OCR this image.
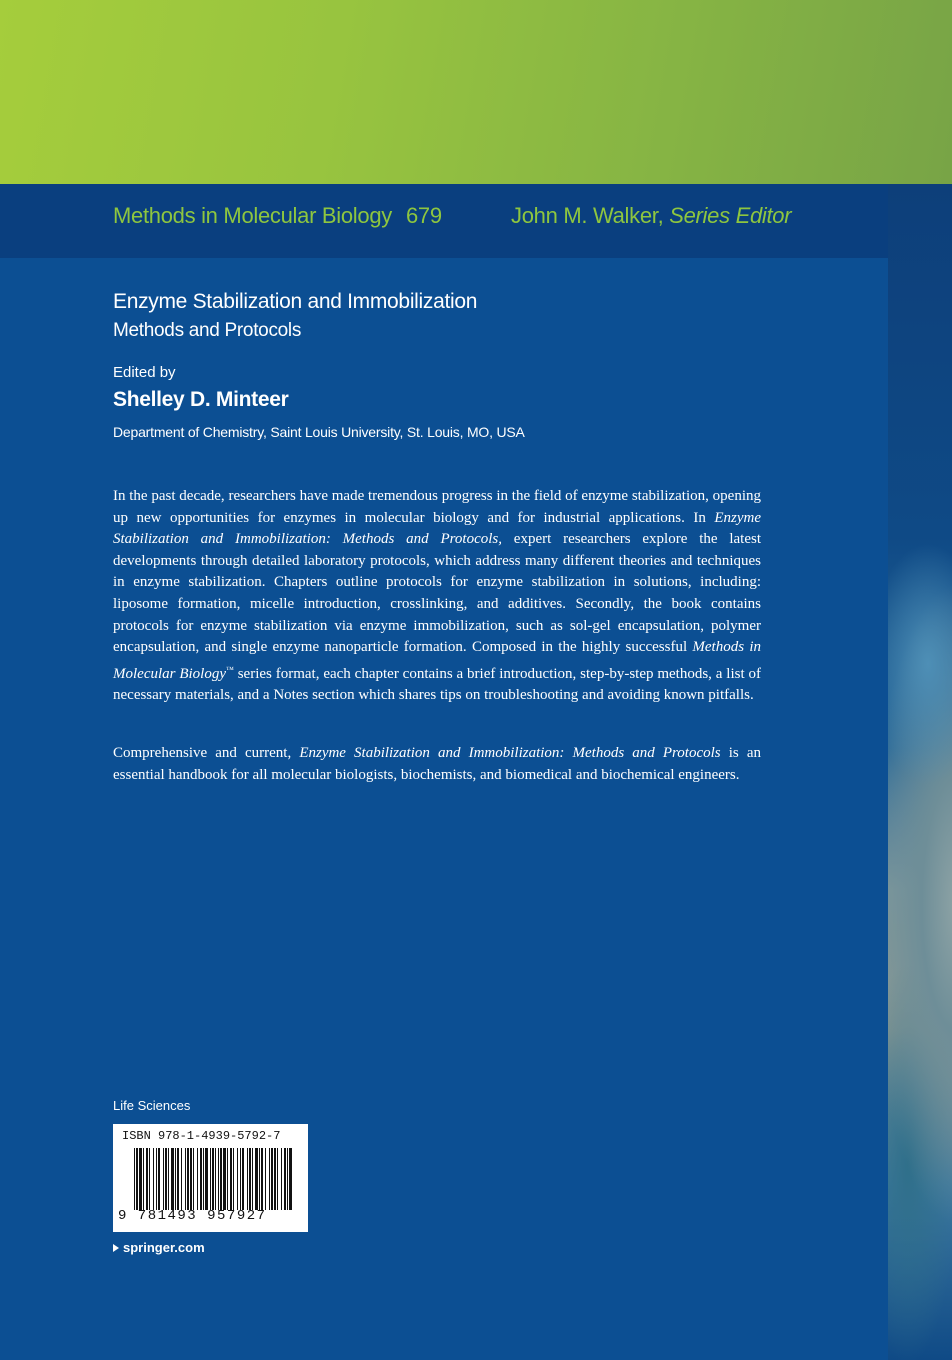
Methods in Molecular Biology 679	John M. Walker, Series Editor
Enzyme Stabilization and Immobilization
Methods and Protocols
Edited by
Shelley D. Minteer
Department of Chemistry, Saint Louis University, St. Louis, MO, USA

In the past decade, researchers have made tremendous progress in the field of enzyme stabilization, opening up new opportunities for enzymes in molecular biology and for industrial applications. In Enzyme Stabilization and Immobilization: Methods and Protocols, expert researchers explore the latest developments through detailed laboratory protocols, which address many different theories and techniques in enzyme stabilization. Chapters outline protocols for enzyme stabilization in solutions, including: liposome formation, micelle introduction, crosslinking, and additives. Secondly, the book contains protocols for enzyme stabilization via enzyme immobilization, such as sol-gel encapsulation, polymer encapsulation, and single enzyme nanoparticle formation. Composed in the highly successful Methods in Molecular Biology™ series format, each chapter contains a brief introduction, step-by-step methods, a list of necessary materials, and a Notes section which shares tips on troubleshooting and avoiding known pitfalls.

Comprehensive and current, Enzyme Stabilization and Immobilization: Methods and Protocols is an essential handbook for all molecular biologists, biochemists, and biomedical and biochemical engineers.

Life Sciences
ISBN 978-1-4939-5792-7
9 781493 957927
springer.com
